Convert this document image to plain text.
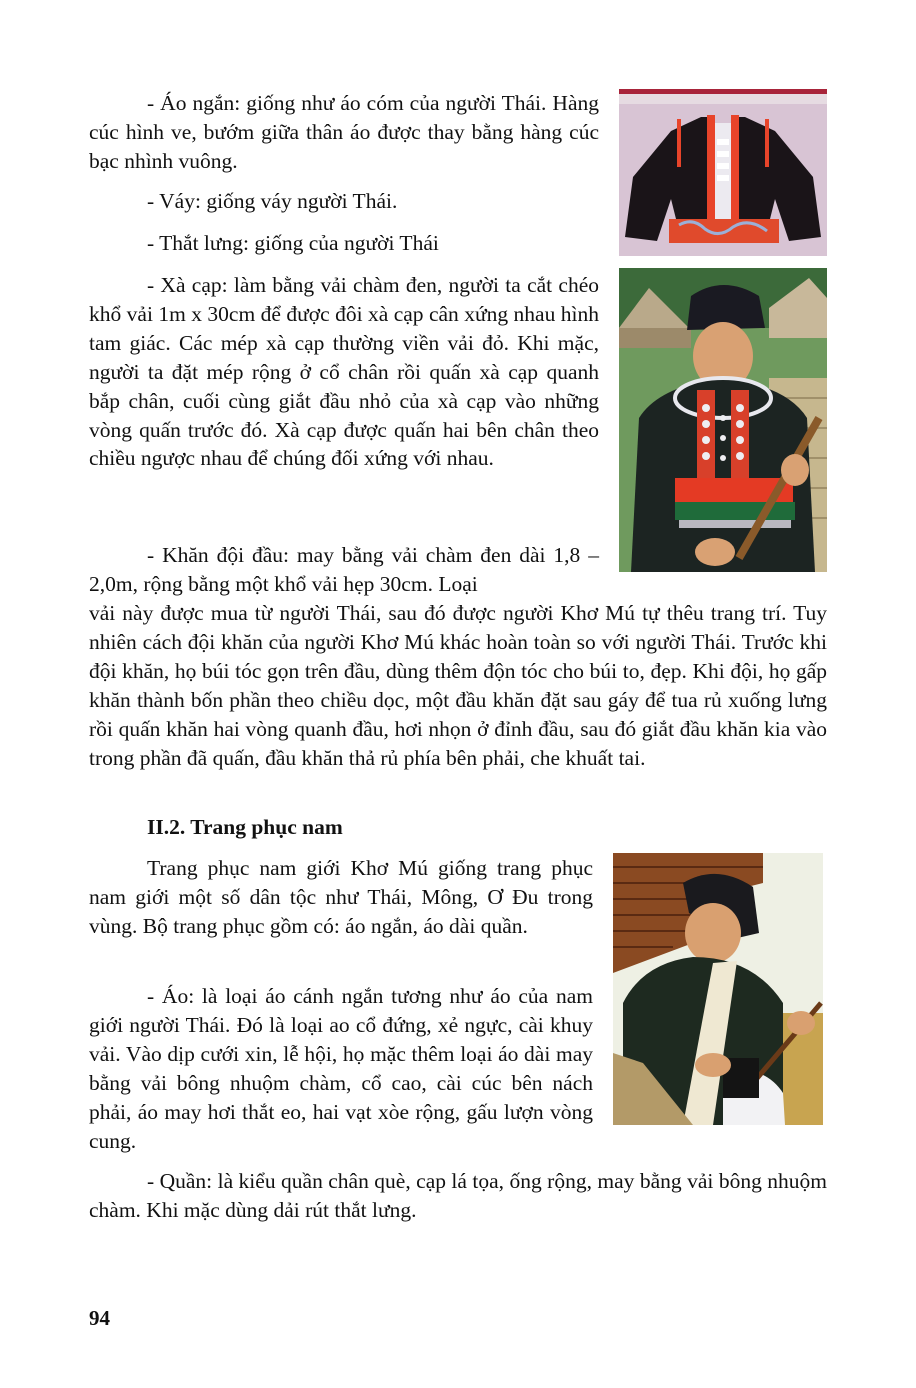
- Áo ngắn: giống như áo cóm của người Thái. Hàng cúc hình ve, bướm giữa thân áo được thay bằng hàng cúc bạc nhình vuông.

- Váy: giống váy người Thái.

- Thắt lưng: giống của người Thái

- Xà cạp: làm bằng vải chàm đen, người ta cắt chéo khổ vải 1m x 30cm để được đôi xà cạp cân xứng nhau hình tam giác. Các mép xà cạp thường viền vải đỏ. Khi mặc, người ta đặt mép rộng ở cổ chân rồi quấn xà cạp quanh bắp chân, cuối cùng giắt đầu nhỏ của xà cạp vào những vòng quấn trước đó. Xà cạp được quấn hai bên chân theo chiều ngược nhau để chúng đối xứng với nhau.

- Khăn đội đầu: may bằng vải chàm đen dài 1,8 – 2,0m, rộng bằng một khổ vải hẹp 30cm. Loại

vải này được mua từ người Thái, sau đó được người Khơ Mú tự thêu trang trí. Tuy nhiên cách đội khăn của người Khơ Mú khác hoàn toàn so với người Thái. Trước khi đội khăn, họ búi tóc gọn trên đầu, dùng thêm độn tóc cho búi to, đẹp. Khi đội, họ gấp khăn thành bốn phần theo chiều dọc, một đầu khăn đặt sau gáy để tua rủ xuống lưng rồi quấn khăn hai vòng quanh đầu, hơi nhọn ở đỉnh đầu, sau đó giắt đầu khăn kia vào trong phần đã quấn, đầu khăn thả rủ phía bên phải, che khuất tai.

II.2. Trang phục nam

Trang phục nam giới Khơ Mú giống trang phục nam giới một số dân tộc như Thái, Mông, Ơ Đu trong vùng. Bộ trang phục gồm có: áo ngắn, áo dài quần.

- Áo: là loại áo cánh ngắn tương như áo của nam giới người Thái. Đó là loại ao cổ đứng, xẻ ngực, cài khuy vải. Vào dịp cưới xin, lễ hội, họ mặc thêm loại áo dài may bằng vải bông nhuộm chàm, cổ cao, cài cúc bên nách phải, áo may hơi thắt eo, hai vạt xòe rộng, gấu lượn vòng cung.

- Quần: là kiểu quần chân què, cạp lá tọa, ống rộng, may bằng vải bông nhuộm chàm. Khi mặc dùng dải rút thắt lưng.

94
